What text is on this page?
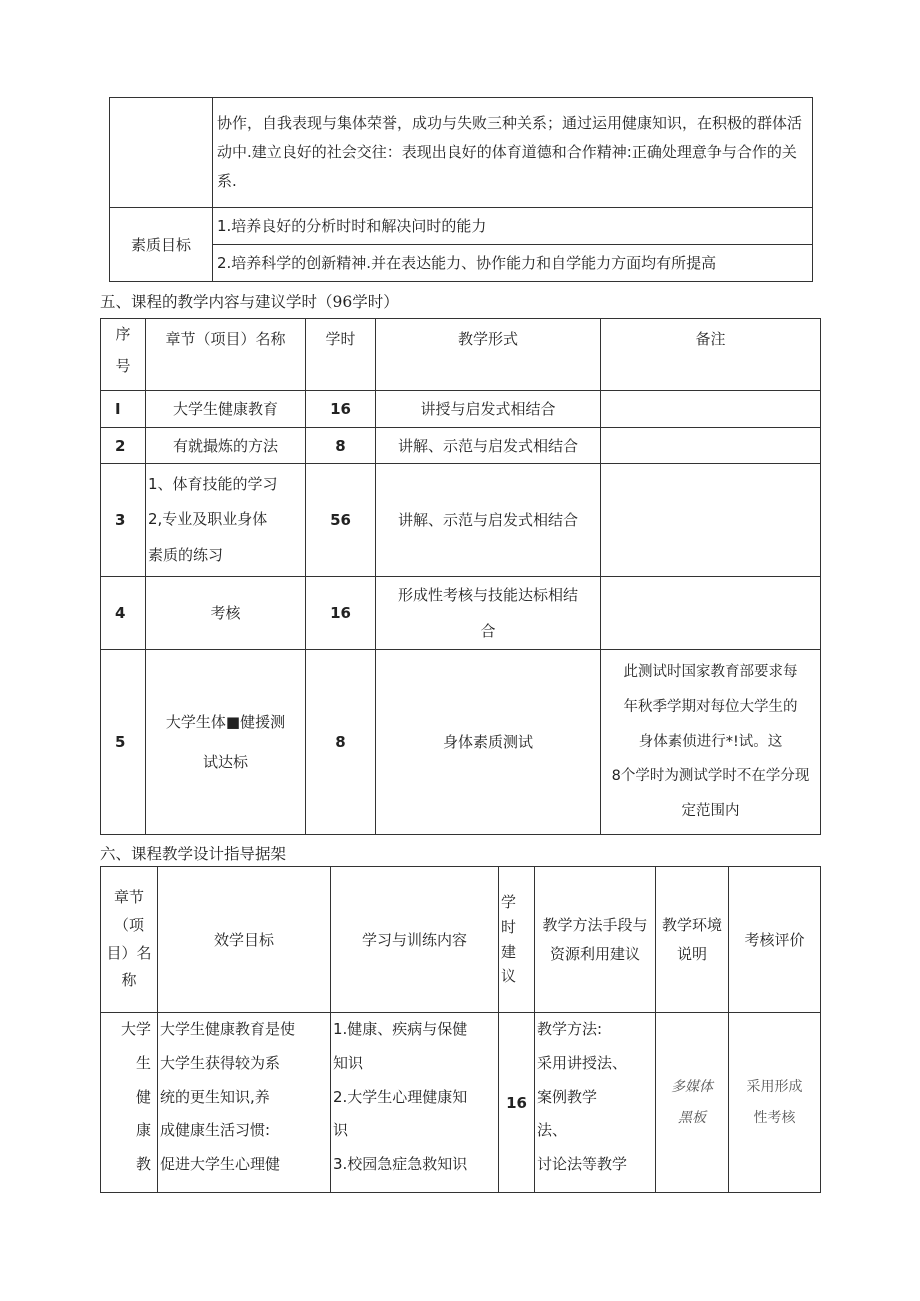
	协作，自我表现与集体荣誉，成功与失败三种关系；通过运用健康知识，在积极的群体活动中.建立良好的社会交往：表现出良好的体育道德和合作精神:正确处理意争与合作的关系.
素质目标	1.培养良好的分析时时和解决问时的能力
	2.培养科学的创新精神.并在表达能力、协作能力和自学能力方面均有所提高
五、课程的教学内容与建议学时（96学时）
序
号	章节（项目）名称	学时	教学形式	备注
I	大学生健康教育	16	讲授与启发式相结合	
2	有就撮炼的方法	8	讲解、示范与启发式相结合	
3	1、体育技能的学习
2,专业及职业身体
素质的练习	56	讲解、示范与启发式相结合	
4	考核	16	形成性考核与技能达标相结
合	
5	大学生体■健援测
试达标	8	身体素质测试	此测试时国家教育部要求每
年秋季学期对每位大学生的
身体素侦进行*!试。这
8个学时为测试学时不在学分现
定范围内
六、课程教学设计指导据架
章节
（项
目）名
称	效学目标	学习与训练内容	学
时
建
议	教学方法手段与
资源利用建议	教学环境
说明	考核评价
大学
生
健
康
教	大学生健康教育是使
大学生获得较为系
统的更生知识,养
成健康生活习惯:
促进大学生心理健	1.健康、疾病与保健
知识
2.大学生心理健康知
识
3.校园急症急救知识	16	教学方法:
采用讲授法、
案例教学
法、
讨论法等教学	多媒体
黑板	采用形成
性考核
